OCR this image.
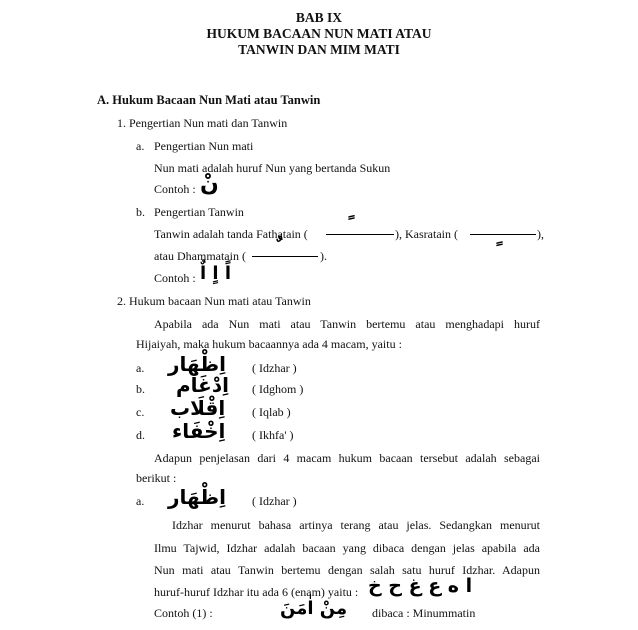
BAB IX
HUKUM BACAAN NUN MATI ATAU
TANWIN DAN MIM MATI
A. Hukum Bacaan Nun Mati atau Tanwin
1. Pengertian Nun mati dan Tanwin
a. Pengertian Nun mati
Nun mati adalah huruf Nun yang bertanda Sukun
Contoh : نْ
b. Pengertian Tanwin
Tanwin adalah tanda Fathatain (	), Kasratain (	),
atau Dhammatain (	).
Contoh : اً اٍ اٌ
2. Hukum bacaan Nun mati atau Tanwin
Apabila ada Nun mati atau Tanwin bertemu atau menghadapi huruf
Hijaiyah, maka hukum bacaannya ada 4 macam, yaitu :
a. اِظْهَار ( Idzhar )
b. اِدْغَام ( Idghom )
c. اِقْلَاب ( Iqlab )
d. اِخْفَاء ( Ikhfa' )
Adapun penjelasan dari 4 macam hukum bacaan tersebut adalah sebagai
berikut :
a. اِظْهَار ( Idzhar )
Idzhar menurut bahasa artinya terang atau jelas. Sedangkan menurut
Ilmu Tajwid, Idzhar adalah bacaan yang dibaca dengan jelas apabila ada
Nun mati atau Tanwin bertemu dengan salah satu huruf Idzhar. Adapun
huruf-huruf Idzhar itu ada 6 (enam) yaitu : ا ه ع غ ح خ
Contoh (1) :	مِنْ اٰمَنَ dibaca : Minummatin
